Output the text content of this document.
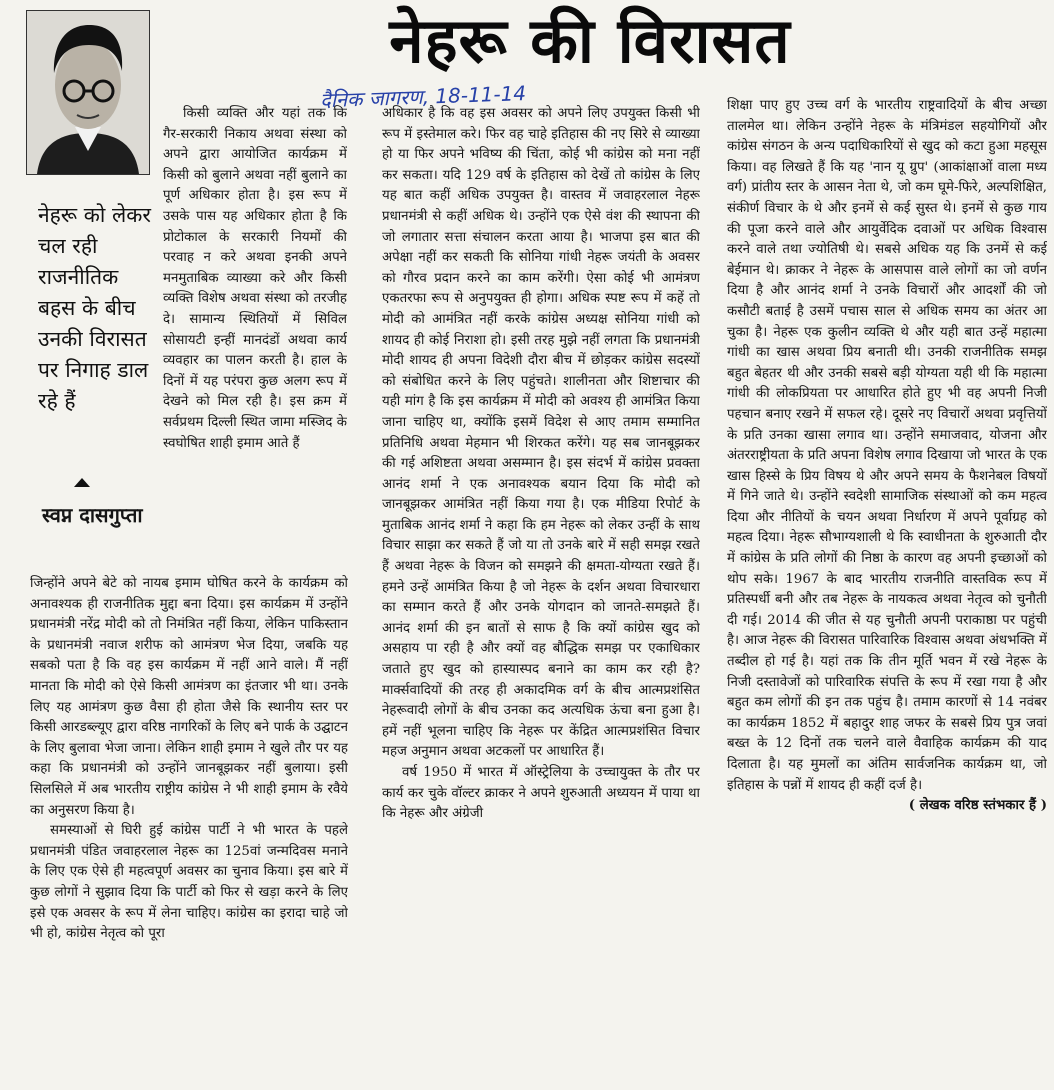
नेहरू की विरासत
दैनिक जागरण, 18-11-14
नेहरू को लेकर चल रही राजनीतिक बहस के बीच उनकी विरासत पर निगाह डाल रहे हैं
स्वप्न दासगुप्ता

किसी व्यक्ति और यहां तक कि गैर-सरकारी निकाय अथवा संस्था को अपने द्वारा आयोजित कार्यक्रम में किसी को बुलाने अथवा नहीं बुलाने का पूर्ण अधिकार होता है। इस रूप में उसके पास यह अधिकार होता है कि प्रोटोकाल के सरकारी नियमों की परवाह न करे अथवा इनकी अपने मनमुताबिक व्याख्या करे और किसी व्यक्ति विशेष अथवा संस्था को तरजीह दे। सामान्य स्थितियों में सिविल सोसायटी इन्हीं मानदंडों अथवा कार्य व्यवहार का पालन करती है। हाल के दिनों में यह परंपरा कुछ अलग रूप में देखने को मिल रही है। इस क्रम में सर्वप्रथम दिल्ली स्थित जामा मस्जिद के स्वघोषित शाही इमाम आते हैं

जिन्होंने अपने बेटे को नायब इमाम घोषित करने के कार्यक्रम को अनावश्यक ही राजनीतिक मुद्दा बना दिया। इस कार्यक्रम में उन्होंने प्रधानमंत्री नरेंद्र मोदी को तो निमंत्रित नहीं किया, लेकिन पाकिस्तान के प्रधानमंत्री नवाज शरीफ को आमंत्रण भेज दिया, जबकि यह सबको पता है कि वह इस कार्यक्रम में नहीं आने वाले। मैं नहीं मानता कि मोदी को ऐसे किसी आमंत्रण का इंतजार भी था। उनके लिए यह आमंत्रण कुछ वैसा ही होता जैसे कि स्थानीय स्तर पर किसी आरडब्ल्यूए द्वारा वरिष्ठ नागरिकों के लिए बने पार्क के उद्घाटन के लिए बुलावा भेजा जाना। लेकिन शाही इमाम ने खुले तौर पर यह कहा कि प्रधानमंत्री को उन्होंने जानबूझकर नहीं बुलाया। इसी सिलसिले में अब भारतीय राष्ट्रीय कांग्रेस ने भी शाही इमाम के रवैये का अनुसरण किया है।

समस्याओं से घिरी हुई कांग्रेस पार्टी ने भी भारत के पहले प्रधानमंत्री पंडित जवाहरलाल नेहरू का 125वां जन्मदिवस मनाने के लिए एक ऐसे ही महत्वपूर्ण अवसर का चुनाव किया। इस बारे में कुछ लोगों ने सुझाव दिया कि पार्टी को फिर से खड़ा करने के लिए इसे एक अवसर के रूप में लेना चाहिए। कांग्रेस का इरादा चाहे जो भी हो, कांग्रेस नेतृत्व को पूरा

अधिकार है कि वह इस अवसर को अपने लिए उपयुक्त किसी भी रूप में इस्तेमाल करे। फिर वह चाहे इतिहास की नए सिरे से व्याख्या हो या फिर अपने भविष्य की चिंता, कोई भी कांग्रेस को मना नहीं कर सकता। यदि 129 वर्ष के इतिहास को देखें तो कांग्रेस के लिए यह बात कहीं अधिक उपयुक्त है। वास्तव में जवाहरलाल नेहरू प्रधानमंत्री से कहीं अधिक थे। उन्होंने एक ऐसे वंश की स्थापना की जो लगातार सत्ता संचालन करता आया है। भाजपा इस बात की अपेक्षा नहीं कर सकती कि सोनिया गांधी नेहरू जयंती के अवसर को गौरव प्रदान करने का काम करेंगी। ऐसा कोई भी आमंत्रण एकतरफा रूप से अनुपयुक्त ही होगा। अधिक स्पष्ट रूप में कहें तो मोदी को आमंत्रित नहीं करके कांग्रेस अध्यक्ष सोनिया गांधी को शायद ही कोई निराशा हो। इसी तरह मुझे नहीं लगता कि प्रधानमंत्री मोदी शायद ही अपना विदेशी दौरा बीच में छोड़कर कांग्रेस सदस्यों को संबोधित करने के लिए पहुंचते। शालीनता और शिष्टाचार की यही मांग है कि इस कार्यक्रम में मोदी को अवश्य ही आमंत्रित किया जाना चाहिए था, क्योंकि इसमें विदेश से आए तमाम सम्मानित प्रतिनिधि अथवा मेहमान भी शिरकत करेंगे। यह सब जानबूझकर की गई अशिष्टता अथवा असम्मान है। इस संदर्भ में कांग्रेस प्रवक्ता आनंद शर्मा ने एक अनावश्यक बयान दिया कि मोदी को जानबूझकर आमंत्रित नहीं किया गया है। एक मीडिया रिपोर्ट के मुताबिक आनंद शर्मा ने कहा कि हम नेहरू को लेकर उन्हीं के साथ विचार साझा कर सकते हैं जो या तो उनके बारे में सही समझ रखते हैं अथवा नेहरू के विजन को समझने की क्षमता-योग्यता रखते हैं। हमने उन्हें आमंत्रित किया है जो नेहरू के दर्शन अथवा विचारधारा का सम्मान करते हैं और उनके योगदान को जानते-समझते हैं। आनंद शर्मा की इन बातों से साफ है कि क्यों कांग्रेस खुद को असहाय पा रही है और क्यों वह बौद्धिक समझ पर एकाधिकार जताते हुए खुद को हास्यास्पद बनाने का काम कर रही है? मार्क्सवादियों की तरह ही अकादमिक वर्ग के बीच आत्मप्रशंसित नेहरूवादी लोगों के बीच उनका कद अत्यधिक ऊंचा बना हुआ है। हमें नहीं भूलना चाहिए कि नेहरू पर केंद्रित आत्मप्रशंसित विचार महज अनुमान अथवा अटकलों पर आधारित हैं।

वर्ष 1950 में भारत में ऑस्ट्रेलिया के उच्चायुक्त के तौर पर कार्य कर चुके वॉल्टर क्राकर ने अपने शुरुआती अध्ययन में पाया था कि नेहरू और अंग्रेजी

शिक्षा पाए हुए उच्च वर्ग के भारतीय राष्ट्रवादियों के बीच अच्छा तालमेल था। लेकिन उन्होंने नेहरू के मंत्रिमंडल सहयोगियों और कांग्रेस संगठन के अन्य पदाधिकारियों से खुद को कटा हुआ महसूस किया। वह लिखते हैं कि यह 'नान यू ग्रुप' (आकांक्षाओं वाला मध्य वर्ग) प्रांतीय स्तर के आसन नेता थे, जो कम घूमे-फिरे, अल्पशिक्षित, संकीर्ण विचार के थे और इनमें से कई सुस्त थे। इनमें से कुछ गाय की पूजा करने वाले और आयुर्वेदिक दवाओं पर अधिक विश्वास करने वाले तथा ज्योतिषी थे। सबसे अधिक यह कि उनमें से कई बेईमान थे। क्राकर ने नेहरू के आसपास वाले लोगों का जो वर्णन दिया है और आनंद शर्मा ने उनके विचारों और आदर्शों की जो कसौटी बताई है उसमें पचास साल से अधिक समय का अंतर आ चुका है। नेहरू एक कुलीन व्यक्ति थे और यही बात उन्हें महात्मा गांधी का खास अथवा प्रिय बनाती थी। उनकी राजनीतिक समझ बहुत बेहतर थी और उनकी सबसे बड़ी योग्यता यही थी कि महात्मा गांधी की लोकप्रियता पर आधारित होते हुए भी वह अपनी निजी पहचान बनाए रखने में सफल रहे। दूसरे नए विचारों अथवा प्रवृत्तियों के प्रति उनका खासा लगाव था। उन्होंने समाजवाद, योजना और अंतरराष्ट्रीयता के प्रति अपना विशेष लगाव दिखाया जो भारत के एक खास हिस्से के प्रिय विषय थे और अपने समय के फैशनेबल विषयों में गिने जाते थे। उन्होंने स्वदेशी सामाजिक संस्थाओं को कम महत्व दिया और नीतियों के चयन अथवा निर्धारण में अपने पूर्वाग्रह को महत्व दिया। नेहरू सौभाग्यशाली थे कि स्वाधीनता के शुरुआती दौर में कांग्रेस के प्रति लोगों की निष्ठा के कारण वह अपनी इच्छाओं को थोप सके। 1967 के बाद भारतीय राजनीति वास्तविक रूप में प्रतिस्पर्धी बनी और तब नेहरू के नायकत्व अथवा नेतृत्व को चुनौती दी गई। 2014 की जीत से यह चुनौती अपनी पराकाष्ठा पर पहुंची है। आज नेहरू की विरासत पारिवारिक विश्वास अथवा अंधभक्ति में तब्दील हो गई है। यहां तक कि तीन मूर्ति भवन में रखे नेहरू के निजी दस्तावेजों को पारिवारिक संपत्ति के रूप में रखा गया है और बहुत कम लोगों की इन तक पहुंच है। तमाम कारणों से 14 नवंबर का कार्यक्रम 1852 में बहादुर शाह जफर के सबसे प्रिय पुत्र जवां बख्त के 12 दिनों तक चलने वाले वैवाहिक कार्यक्रम की याद दिलाता है। यह मुमलों का अंतिम सार्वजनिक कार्यक्रम था, जो इतिहास के पन्नों में शायद ही कहीं दर्ज है।

( लेखक वरिष्ठ स्तंभकार हैं )
